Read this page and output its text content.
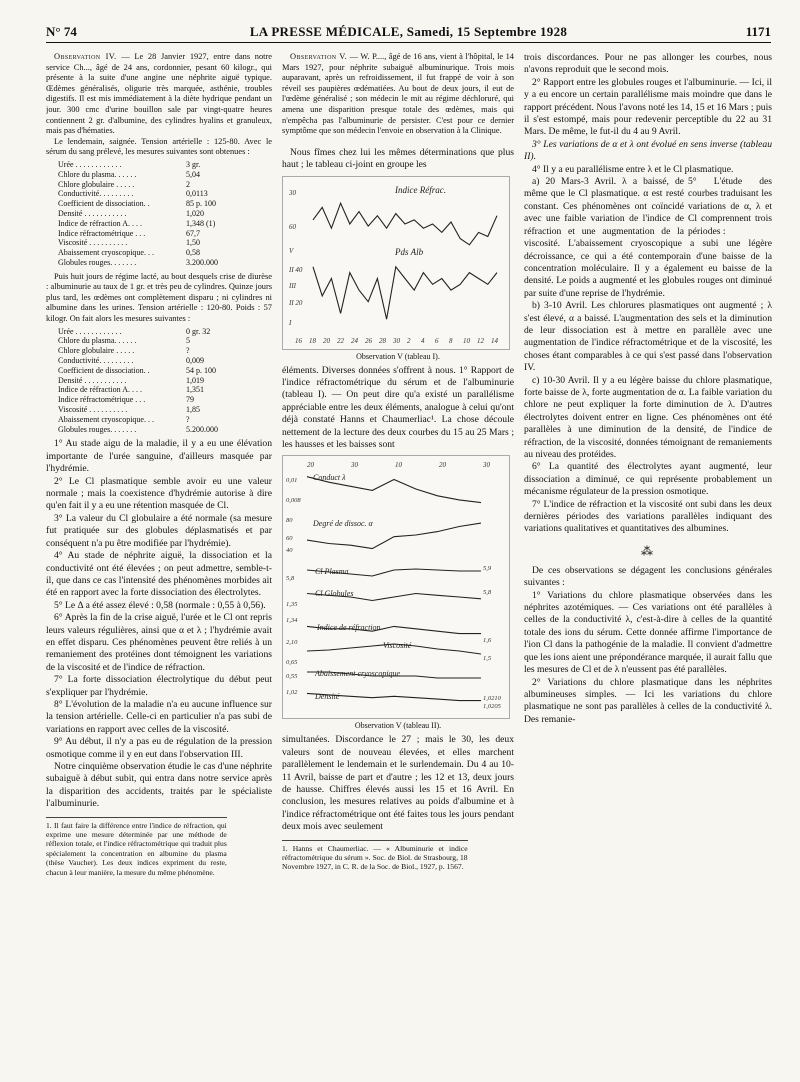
N° 74	LA PRESSE MÉDICALE, Samedi, 15 Septembre 1928	1171

Observation IV. — Le 28 Janvier 1927, entre dans notre service Ch..., âgé de 24 ans, cordonnier, pesant 60 kilogr., qui présente à la suite d'une angine une néphrite aiguë typique. Œdèmes généralisés, oligurie très marquée, asthénie, troubles digestifs. Il est mis immédiatement à la diète hydrique pendant un jour. 300 cmc d'urine bouillon sale par vingt-quatre heures contiennent 2 gr. d'albumine, des cylindres hyalins et granuleux, mais pas d'hématies.

Le lendemain, saignée. Tension artérielle : 125-80. Avec le sérum du sang prélevé, les mesures suivantes sont obtenues :

Urée . . . . . . . . . . . .	3 gr.
Chlore du plasma. . . . . .	5,04
Chlore globulaire . . . . .	2
Conductivité. . . . . . . . .	0,0113
Coefficient de dissociation. .	85 p. 100
Densité . . . . . . . . . . .	1,020
Indice de réfraction A. . . .	1,348 (1)
Indice réfractométrique . . .	67,7
Viscosité . . . . . . . . . .	1,50
Abaissement cryoscopique. . .	0,58
Globules rouges. . . . . . .	3.200.000

Puis huit jours de régime lacté, au bout desquels crise de diurèse : albuminurie au taux de 1 gr. et très peu de cylindres. Quinze jours plus tard, les œdèmes ont complètement disparu ; ni cylindres ni albumine dans les urines. Tension artérielle : 120-80. Poids : 57 kilogr. On fait alors les mesures suivantes :

Urée . . . . . . . . . . . .	0 gr. 32
Chlore du plasma. . . . . .	5
Chlore globulaire . . . . .	?
Conductivité. . . . . . . . .	0,009
Coefficient de dissociation. .	54 p. 100
Densité . . . . . . . . . . .	1,019
Indice de réfraction A. . . .	1,351
Indice réfractométrique . . .	79
Viscosité . . . . . . . . . .	1,85
Abaissement cryoscopique. . .	?
Globules rouges. . . . . . .	5.200.000

1° Au stade aigu de la maladie, il y a eu une élévation importante de l'urée sanguine, d'ailleurs masquée par l'hydrémie.

2° Le Cl plasmatique semble avoir eu une valeur normale ; mais la coexistence d'hydrémie autorise à dire qu'en fait il y a eu une rétention masquée de Cl.

3° La valeur du Cl globulaire a été normale (sa mesure fut pratiquée sur des globules déplasmatisés et par conséquent n'a pu être modifiée par l'hydrémie).

4° Au stade de néphrite aiguë, la dissociation et la conductivité ont été élevées ; on peut admettre, semble-t-il, que dans ce cas l'intensité des phénomènes morbides ait été en rapport avec la forte dissociation des électrolytes.

5° Le Δ a été assez élevé : 0,58 (normale : 0,55 à 0,56).

6° Après la fin de la crise aiguë, l'urée et le Cl ont repris leurs valeurs régulières, ainsi que α et λ ; l'hydrémie avait en effet disparu. Ces phénomènes peuvent être reliés à un remaniement des protéines dont témoignent les variations de la viscosité et de l'indice de réfraction.

7° La forte dissociation électrolytique du début peut s'expliquer par l'hydrémie.

8° L'évolution de la maladie n'a eu aucune influence sur la tension artérielle. Celle-ci en particulier n'a pas subi de variations en rapport avec celles de la viscosité.

9° Au début, il n'y a pas eu de régulation de la pression osmotique comme il y en eut dans l'observation III.

Notre cinquième observation étudie le cas d'une néphrite subaiguë à début subit, qui entra dans notre service après la disparition des accidents, traités par le spécialiste l'albuminurie.

1. Il faut faire la différence entre l'indice de réfraction, qui exprime une mesure déterminée par une méthode de réflexion totale, et l'indice réfractométrique qui traduit plus spécialement la concentration en albumine du plasma (thèse Vaucher). Les deux indices expriment du reste, chacun à leur manière, la mesure du même phénomène.

Observation V. — W. P...., âgé de 16 ans, vient à l'hôpital, le 14 Mars 1927, pour néphrite subaiguë albuminurique. Trois mois auparavant, après un refroidissement, il fut frappé de voir à son réveil ses paupières œdématiées. Au bout de deux jours, il eut de l'œdème généralisé ; son médecin le mit au régime déchloruré, qui amena une disparition presque totale des œdèmes, mais qui n'empêcha pas l'albuminurie de persister. C'est pour ce dernier symptôme que son médecin l'envoie en observation à la Clinique.

Nous fîmes chez lui les mêmes déterminations que plus haut ; le tableau ci-joint en groupe les

30
60
V
II 40
III
II 20
I
Indice Réfrac.
Pds Alb
16 18 20 22 24 26 28 30 2 4 6 8 10 12 14
Observation V (tableau I).

éléments. Diverses données s'offrent à nous. 1° Rapport de l'indice réfractométrique du sérum et de l'albuminurie (tableau I). — On peut dire qu'a existé un parallélisme appréciable entre les deux éléments, analogue à celui qu'ont déjà constaté Hanns et Chaumerliac¹. La chose découle nettement de la lecture des deux courbes du 15 au 25 Mars ; les hausses et les baisses sont

20	30	10	20	30
0,01
0,008
80
60
40
5,8
1,35
1,34
2,10
0,65
0,55
1,02
5,9
5,8
1,6
1,5
1,0210
1,0205
Conduct λ
Degré de dissoc. α
Cl Plasma
Cl Globules
Indice de réfraction
Viscosité
Abaissement cryoscopique
Densité
Observation V (tableau II).

simultanées. Discordance le 27 ; mais le 30, les deux valeurs sont de nouveau élevées, et elles marchent parallèlement le lendemain et le surlendemain. Du 4 au 10-11 Avril, baisse de part et d'autre ; les 12 et 13, deux jours de hausse. Chiffres élevés aussi les 15 et 16 Avril. En conclusion, les mesures relatives au poids d'albumine et à l'indice réfractométrique ont été faites tous les jours pendant deux mois avec seulement

1. Hanns et Chaumerliac. — « Albuminurie et indice réfractométrique du sérum ». Soc. de Biol. de Strasbourg, 18 Novembre 1927, in C. R. de la Soc. de Biol., 1927, p. 1567.

trois discordances. Pour ne pas allonger les courbes, nous n'avons reproduit que le second mois.

2° Rapport entre les globules rouges et l'albuminurie. — Ici, il y a eu encore un certain parallélisme mais moindre que dans le rapport précédent. Nous l'avons noté les 14, 15 et 16 Mars ; puis il s'est estompé, mais pour redevenir perceptible du 22 au 31 Mars. De même, le fut-il du 4 au 9 Avril.

3° Les variations de α et λ ont évolué en sens inverse (tableau II).

4° Il y a eu parallélisme entre λ et le Cl plasmatique.

5° L'étude des courbes traduisant les variations de α, λ et Cl comprennent trois périodes :

a) 20 Mars-3 Avril. λ a baissé, de même que le Cl plasmatique. α est resté constant. Ces phénomènes ont coïncidé avec une faible variation de l'indice de réfraction et une augmentation de la viscosité. L'abaissement cryoscopique a subi une légère décroissance, ce qui a été contemporain d'une baisse de la concentration moléculaire. Il y a également eu baisse de la densité. Le poids a augmenté et les globules rouges ont diminué par suite d'une reprise de l'hydrémie.

b) 3-10 Avril. Les chlorures plasmatiques ont augmenté ; λ s'est élevé, α a baissé. L'augmentation des sels et la diminution de leur dissociation est à mettre en parallèle avec une augmentation de l'indice réfractométrique et de la viscosité, les choses étant comparables à ce qui s'est passé dans l'observation IV.

c) 10-30 Avril. Il y a eu légère baisse du chlore plasmatique, forte baisse de λ, forte augmentation de α. La faible variation du chlore ne peut expliquer la forte diminution de λ. D'autres électrolytes doivent entrer en ligne. Ces phénomènes ont été parallèles à une diminution de la densité, de l'indice de réfraction, de la viscosité, données témoignant de remaniements au niveau des protéides.

6° La quantité des électrolytes ayant augmenté, leur dissociation a diminué, ce qui représente probablement un mécanisme régulateur de la pression osmotique.

7° L'indice de réfraction et la viscosité ont subi dans les deux dernières périodes des variations parallèles indiquant des variations qualitatives et quantitatives des albumines.

⁂

De ces observations se dégagent les conclusions générales suivantes :

1° Variations du chlore plasmatique observées dans les néphrites azotémiques. — Ces variations ont été parallèles à celles de la conductivité λ, c'est-à-dire à celles de la quantité totale des ions du sérum. Cette donnée affirme l'importance de l'ion Cl dans la pathogénie de la maladie. Il convient d'admettre que les ions aient une prépondérance marquée, il aurait fallu que les mesures de Cl et de λ n'eussent pas été parallèles.

2° Variations du chlore plasmatique dans les néphrites albumineuses simples. — Ici les variations du chlore plasmatique ne sont pas parallèles à celles de la conductivité λ. Des remanie-
